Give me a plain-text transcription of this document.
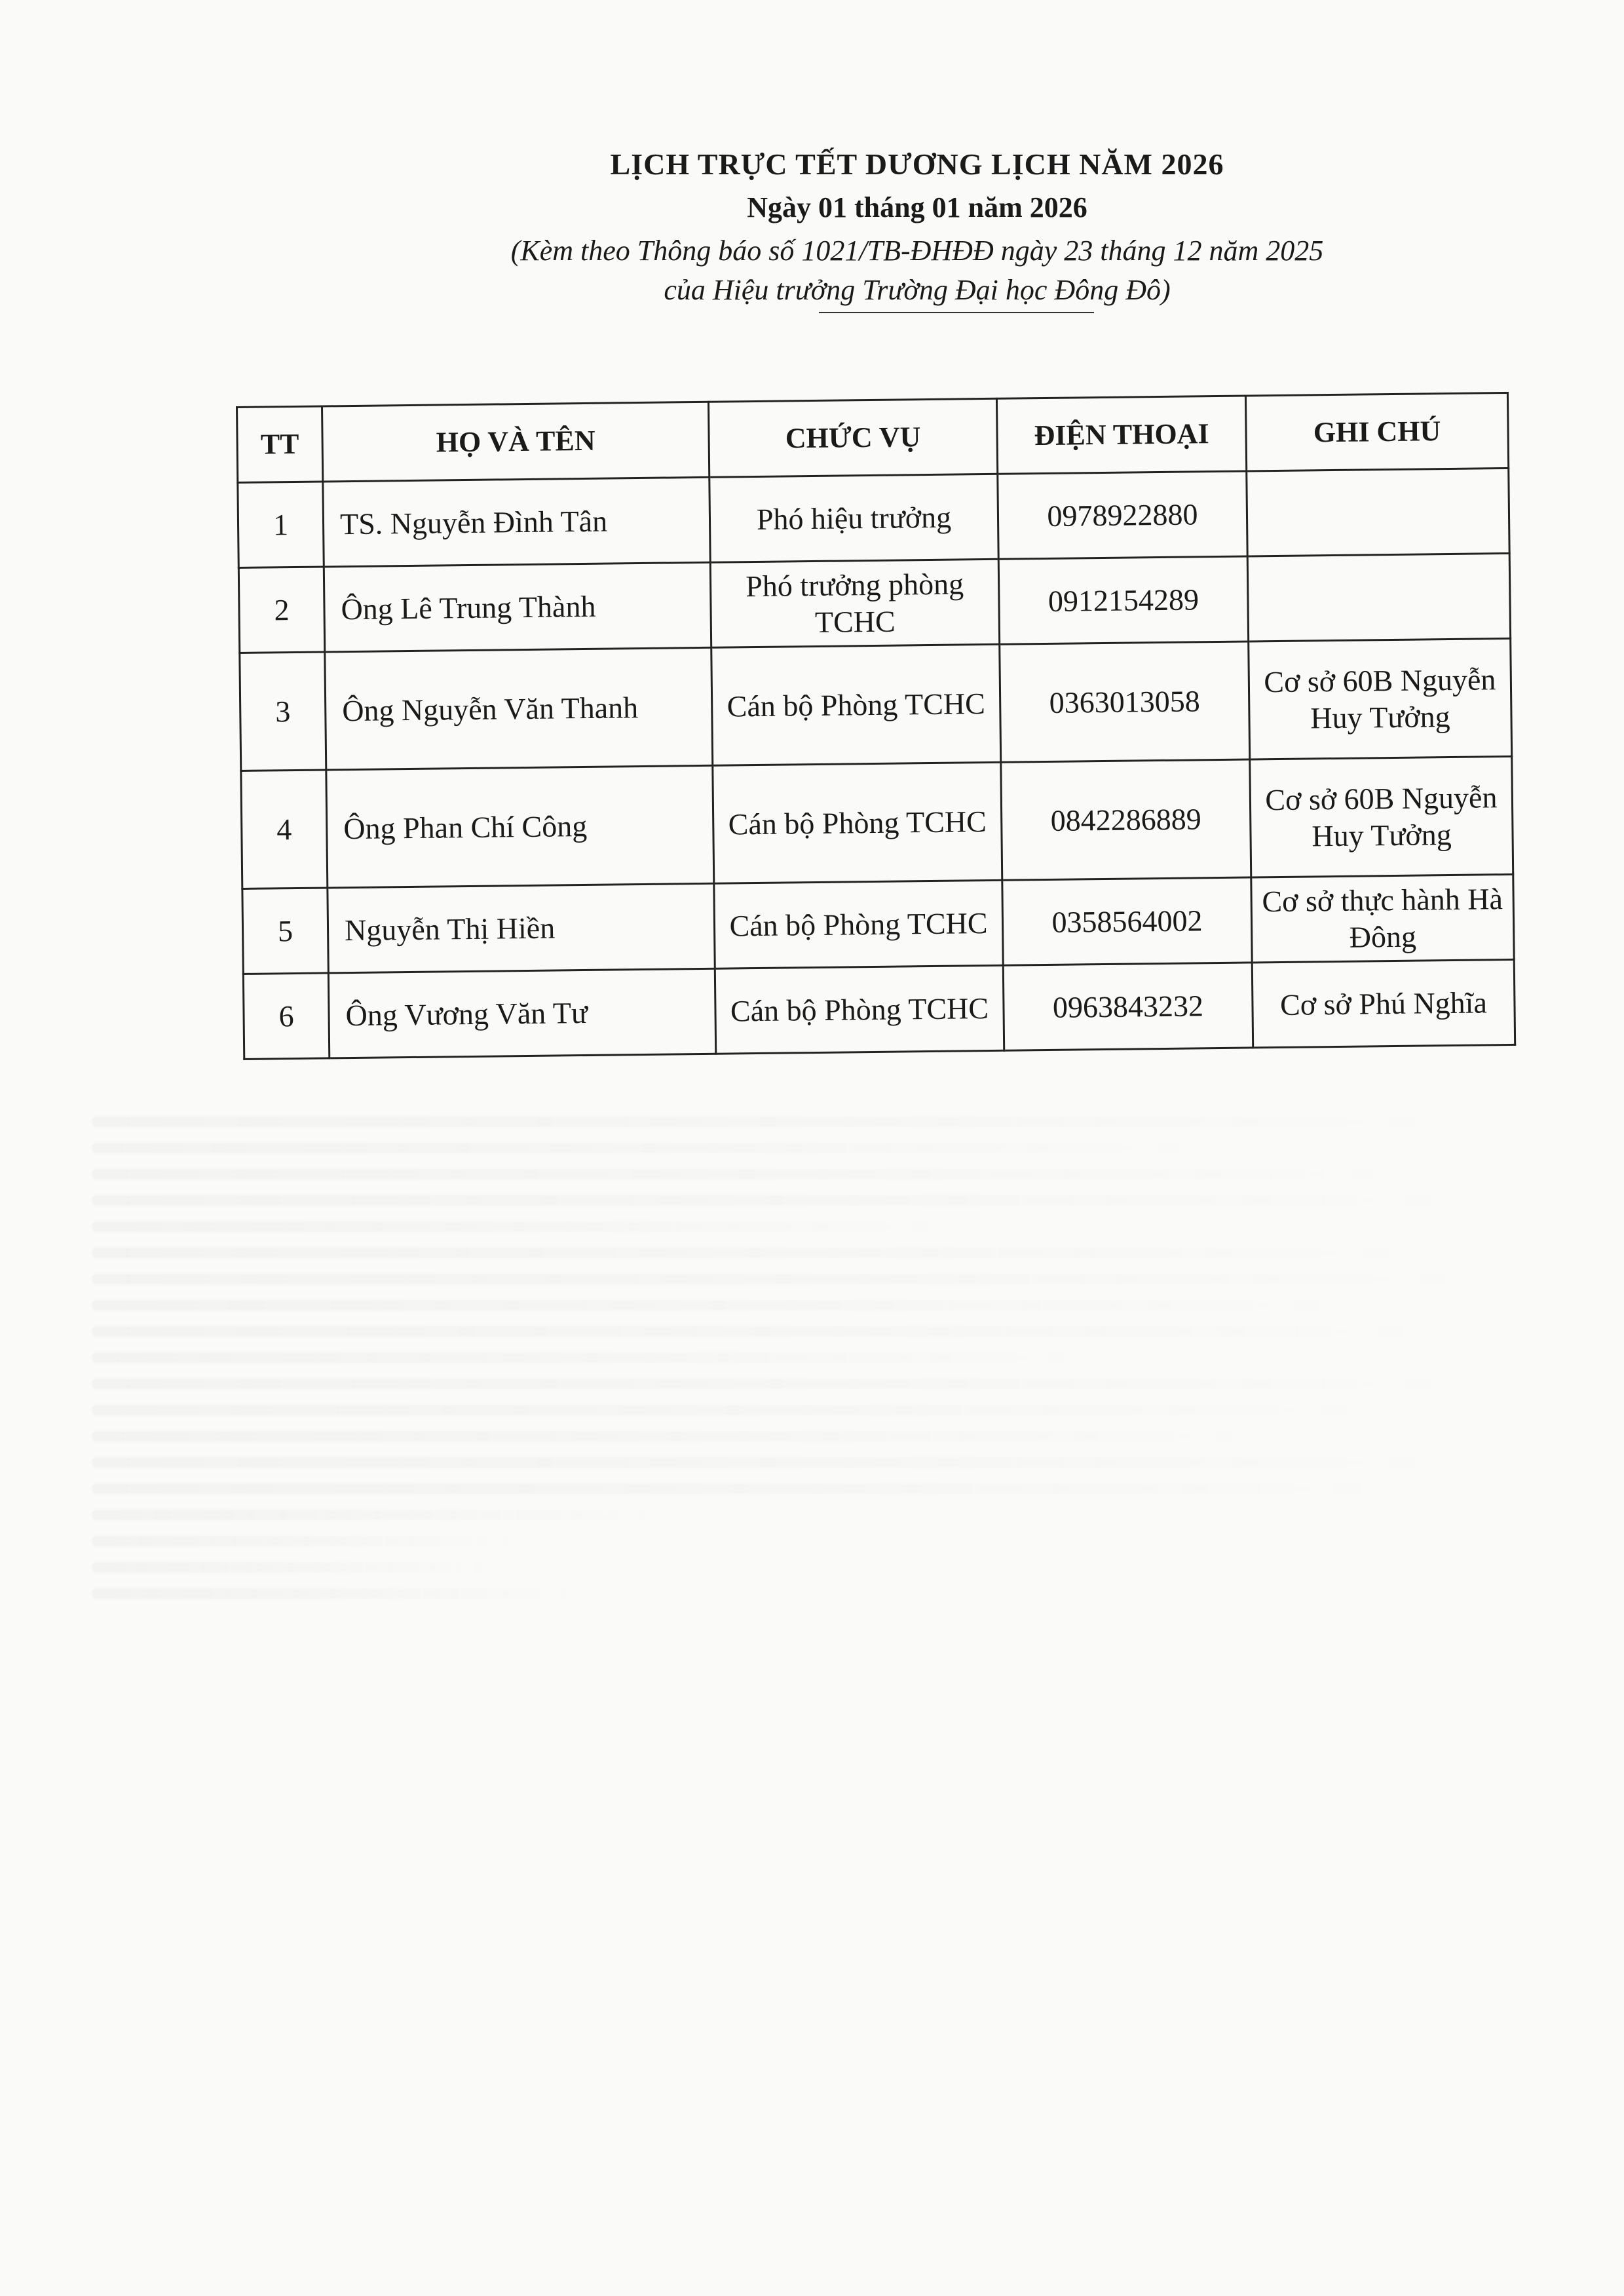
LỊCH TRỰC TẾT DƯƠNG LỊCH NĂM 2026

Ngày 01 tháng 01 năm 2026

(Kèm theo Thông báo số 1021/TB-ĐHĐĐ ngày 23 tháng 12 năm 2025

của Hiệu trưởng Trường Đại học Đông Đô)

TT	HỌ VÀ TÊN	CHỨC VỤ	ĐIỆN THOẠI	GHI CHÚ
1	TS. Nguyễn Đình Tân	Phó hiệu trưởng	0978922880	
2	Ông Lê Trung Thành	Phó trưởng phòng TCHC	0912154289	
3	Ông Nguyễn Văn Thanh	Cán bộ Phòng TCHC	0363013058	Cơ sở 60B Nguyễn Huy Tưởng
4	Ông Phan Chí Công	Cán bộ Phòng TCHC	0842286889	Cơ sở 60B Nguyễn Huy Tưởng
5	Nguyễn Thị Hiền	Cán bộ Phòng TCHC	0358564002	Cơ sở thực hành Hà Đông
6	Ông Vương Văn Tư	Cán bộ Phòng TCHC	0963843232	Cơ sở Phú Nghĩa
